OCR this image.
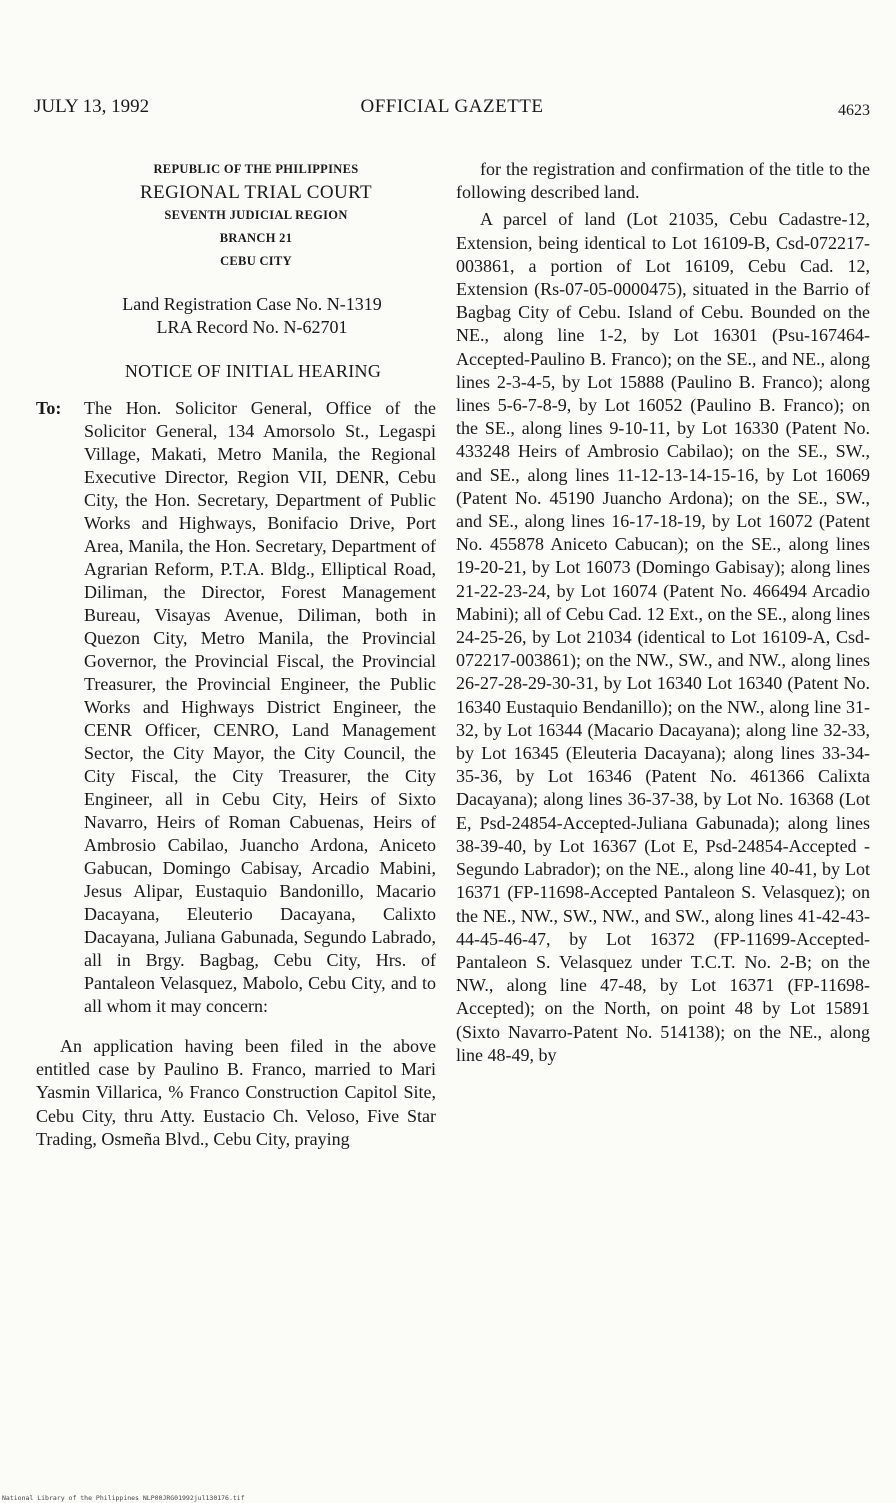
JULY 13, 1992	OFFICIAL GAZETTE	4623
REPUBLIC OF THE PHILIPPINES
REGIONAL TRIAL COURT
SEVENTH JUDICIAL REGION
BRANCH 21
CEBU CITY
Land Registration Case No. N-1319
LRA Record No. N-62701
NOTICE OF INITIAL HEARING
To: The Hon. Solicitor General, Office of the Solicitor General, 134 Amorsolo St., Legaspi Village, Makati, Metro Manila, the Regional Executive Director, Region VII, DENR, Cebu City, the Hon. Secretary, Department of Public Works and Highways, Bonifacio Drive, Port Area, Manila, the Hon. Secretary, Department of Agrarian Reform, P.T.A. Bldg., Elliptical Road, Diliman, the Director, Forest Management Bureau, Visayas Avenue, Diliman, both in Quezon City, Metro Manila, the Provincial Governor, the Provincial Fiscal, the Provincial Treasurer, the Provincial Engineer, the Public Works and Highways District Engineer, the CENR Officer, CENRO, Land Management Sector, the City Mayor, the City Council, the City Fiscal, the City Treasurer, the City Engineer, all in Cebu City, Heirs of Sixto Navarro, Heirs of Roman Cabuenas, Heirs of Ambrosio Cabilao, Juancho Ardona, Aniceto Gabucan, Domingo Cabisay, Arcadio Mabini, Jesus Alipar, Eustaquio Bandonillo, Macario Dacayana, Eleuterio Dacayana, Calixto Dacayana, Juliana Gabunada, Segundo Labrado, all in Brgy. Bagbag, Cebu City, Hrs. of Pantaleon Velasquez, Mabolo, Cebu City, and to all whom it may concern:

An application having been filed in the above entitled case by Paulino B. Franco, married to Mari Yasmin Villarica, % Franco Construction Capitol Site, Cebu City, thru Atty. Eustacio Ch. Veloso, Five Star Trading, Osmeña Blvd., Cebu City, praying

for the registration and confirmation of the title to the following described land.

A parcel of land (Lot 21035, Cebu Cadastre-12, Extension, being identical to Lot 16109-B, Csd-072217-003861, a portion of Lot 16109, Cebu Cad. 12, Extension (Rs-07-05-0000475), situated in the Barrio of Bagbag City of Cebu. Island of Cebu. Bounded on the NE., along line 1-2, by Lot 16301 (Psu-167464-Accepted-Paulino B. Franco); on the SE., and NE., along lines 2-3-4-5, by Lot 15888 (Paulino B. Franco); along lines 5-6-7-8-9, by Lot 16052 (Paulino B. Franco); on the SE., along lines 9-10-11, by Lot 16330 (Patent No. 433248 Heirs of Ambrosio Cabilao); on the SE., SW., and SE., along lines 11-12-13-14-15-16, by Lot 16069 (Patent No. 45190 Juancho Ardona); on the SE., SW., and SE., along lines 16-17-18-19, by Lot 16072 (Patent No. 455878 Aniceto Cabucan); on the SE., along lines 19-20-21, by Lot 16073 (Domingo Gabisay); along lines 21-22-23-24, by Lot 16074 (Patent No. 466494 Arcadio Mabini); all of Cebu Cad. 12 Ext., on the SE., along lines 24-25-26, by Lot 21034 (identical to Lot 16109-A, Csd-072217-003861); on the NW., SW., and NW., along lines 26-27-28-29-30-31, by Lot 16340 Lot 16340 (Patent No. 16340 Eustaquio Bendanillo); on the NW., along line 31-32, by Lot 16344 (Macario Dacayana); along line 32-33, by Lot 16345 (Eleuteria Dacayana); along lines 33-34-35-36, by Lot 16346 (Patent No. 461366 Calixta Dacayana); along lines 36-37-38, by Lot No. 16368 (Lot E, Psd-24854-Accepted-Juliana Gabunada); along lines 38-39-40, by Lot 16367 (Lot E, Psd-24854-Accepted - Segundo Labrador); on the NE., along line 40-41, by Lot 16371 (FP-11698-Accepted Pantaleon S. Velasquez); on the NE., NW., SW., NW., and SW., along lines 41-42-43-44-45-46-47, by Lot 16372 (FP-11699-Accepted-Pantaleon S. Velasquez under T.C.T. No. 2-B; on the NW., along line 47-48, by Lot 16371 (FP-11698-Accepted); on the North, on point 48 by Lot 15891 (Sixto Navarro-Patent No. 514138); on the NE., along line 48-49, by

National Library of the Philippines NLP00JRG01992jul130176.tif
